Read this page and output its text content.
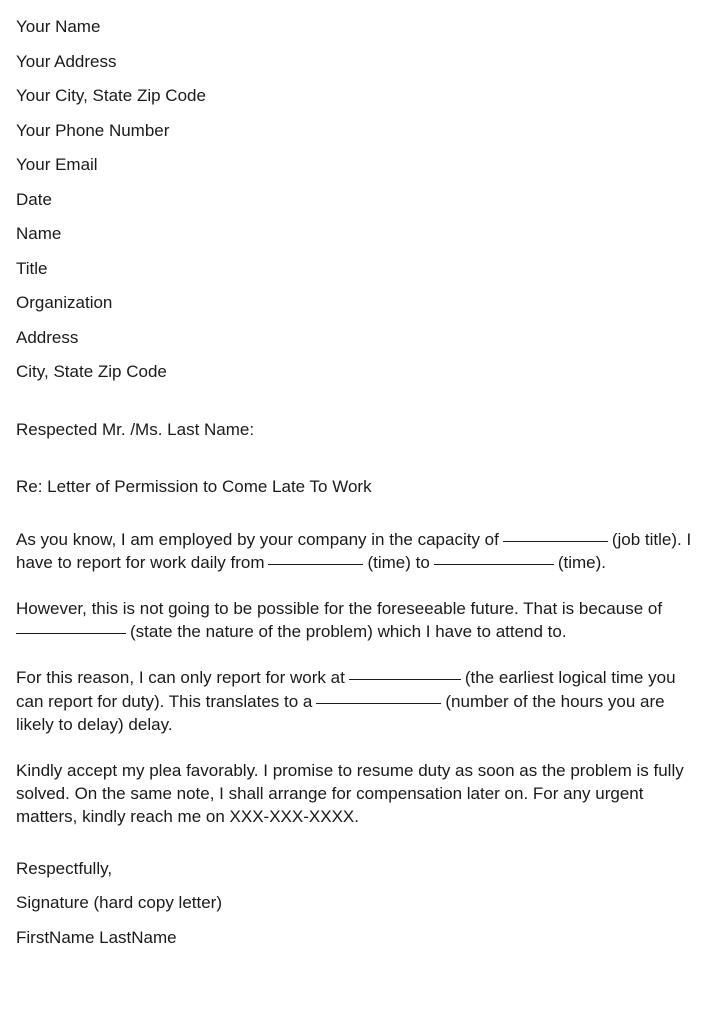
Your Name
Your Address
Your City, State Zip Code
Your Phone Number
Your Email
Date
Name
Title
Organization
Address
City, State Zip Code
Respected Mr. /Ms. Last Name:
Re: Letter of Permission to Come Late To Work

As you know, I am employed by your company in the capacity of	(job title). I have to report for work daily from	(time) to	(time).

However, this is not going to be possible for the foreseeable future. That is because of(state the nature of the problem) which I have to attend to.

For this reason, I can only report for work at	(the earliest logical time you can report for duty). This translates to a	(number of the hours you are likely to delay) delay.

Kindly accept my plea favorably. I promise to resume duty as soon as the problem is fully solved. On the same note, I shall arrange for compensation later on. For any urgent matters, kindly reach me on XXX-XXX-XXXX.

Respectfully,
Signature (hard copy letter)
FirstName LastName
